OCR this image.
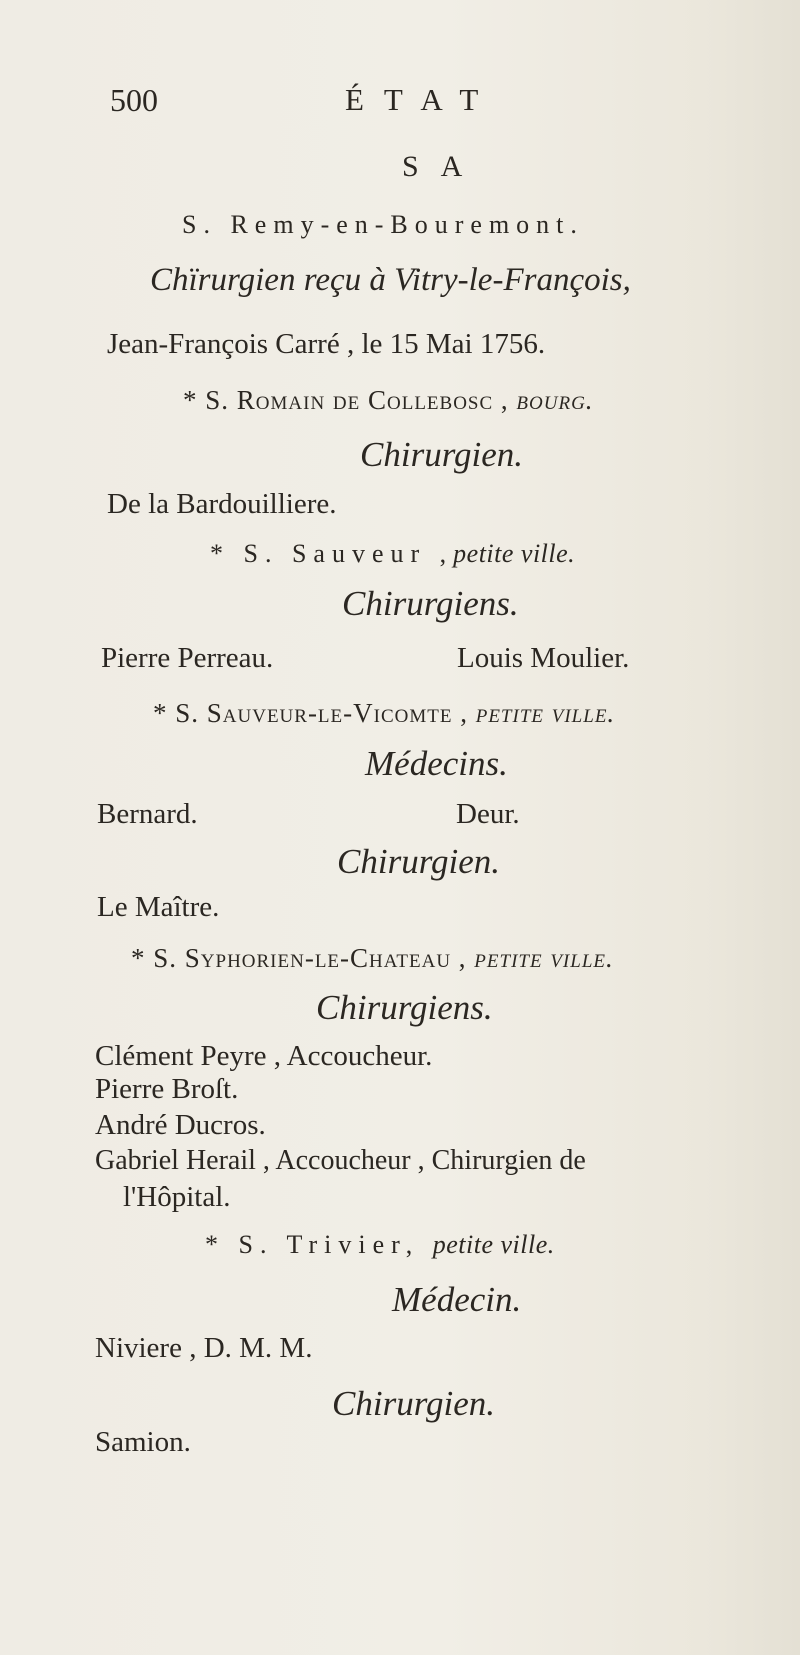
500	ÉTAT
SA
S. Remy-en-Bouremont.
Chïrurgien reçu à Vitry-le-François,
Jean-François Carré , le 15 Mai 1756.
* S. Romain de Collebosc , bourg.
Chirurgien.
De la Bardouilliere.
* S. Sauveur ,petite ville.
Chirurgiens.
Pierre Perreau.	Louis Moulier.
* S. Sauveur-le-Vicomte , petite ville.
Médecins.
Bernard.	Deur.
Chirurgien.
Le Maître.
* S. Syphorien-le-Chateau , petite ville.
Chirurgiens.
Clément Peyre , Accoucheur.
Pierre Broſt.
André Ducros.
Gabriel Herail , Accoucheur , Chirurgien de
l'Hôpital.
* S. Trivier, petite ville.
Médecin.
Niviere , D. M. M.
Chirurgien.
Samion.
